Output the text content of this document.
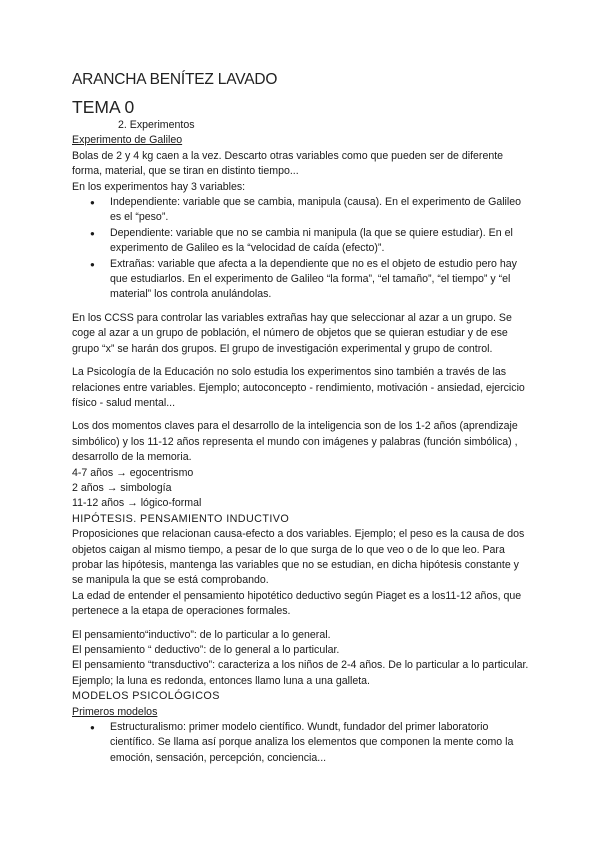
ARANCHA BENÍTEZ LAVADO
TEMA 0

2. Experimentos

Experimento de Galileo

Bolas de 2 y 4 kg caen a la vez. Descarto otras variables como que pueden ser de diferente forma, material, que se tiran en distinto tiempo...

En los experimentos hay 3 variables:

● Independiente: variable que se cambia, manipula (causa). En el experimento de Galileo es el “peso”.
● Dependiente: variable que no se cambia ni manipula (la que se quiere estudiar). En el experimento de Galileo es la “velocidad de caída (efecto)”.
● Extrañas: variable que afecta a la dependiente que no es el objeto de estudio pero hay que estudiarlos. En el experimento de Galileo “la forma”, “el tamaño”, “el tiempo” y “el material” los controla anulándolas.

En los CCSS para controlar las variables extrañas hay que seleccionar al azar a un grupo. Se coge al azar a un grupo de población, el número de objetos que se quieran estudiar y de ese grupo “x” se harán dos grupos. El grupo de investigación experimental y grupo de control.

La Psicología de la Educación no solo estudia los experimentos sino también a través de las relaciones entre variables. Ejemplo; autoconcepto - rendimiento, motivación - ansiedad, ejercicio físico - salud mental...

Los dos momentos claves para el desarrollo de la inteligencia son de los 1-2 años (aprendizaje simbólico) y los 11-12 años representa el mundo con imágenes y palabras (función simbólica) , desarrollo de la memoria.

4-7 años → egocentrismo

2 años → simbología

11-12 años → lógico-formal

HIPÓTESIS. PENSAMIENTO INDUCTIVO

Proposiciones que relacionan causa-efecto a dos variables. Ejemplo; el peso es la causa de dos objetos caigan al mismo tiempo, a pesar de lo que surga de lo que veo o de lo que leo. Para probar las hipótesis, mantenga las variables que no se estudian, en dicha hipótesis constante y se manipula la que se está comprobando.

La edad de entender el pensamiento hipotético deductivo según Piaget es a los11-12 años, que pertenece a la etapa de operaciones formales.

El pensamiento“inductivo”: de lo particular a lo general.

El pensamiento “ deductivo”: de lo general a lo particular.

El pensamiento “transductivo”: caracteriza a los niños de 2-4 años. De lo particular a lo particular. Ejemplo; la luna es redonda, entonces llamo luna a una galleta.

MODELOS PSICOLÓGICOS

Primeros modelos

● Estructuralismo: primer modelo científico. Wundt, fundador del primer laboratorio científico. Se llama así porque analiza los elementos que componen la mente como la emoción, sensación, percepción, conciencia...
